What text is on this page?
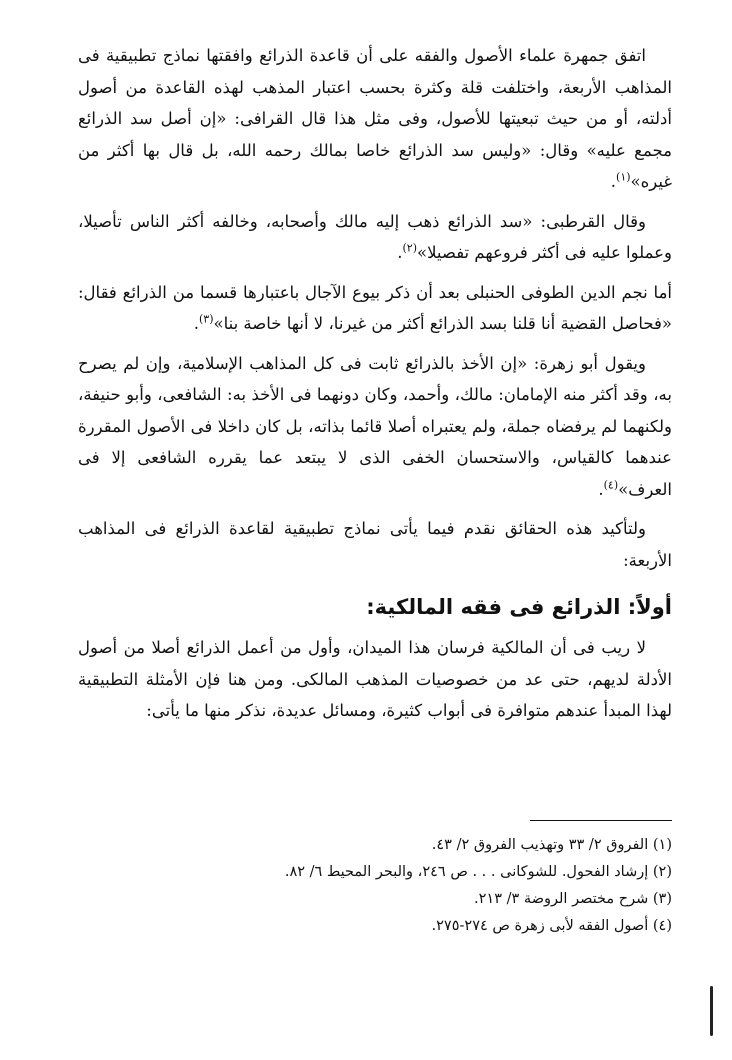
اتفق جمهرة علماء الأصول والفقه على أن قاعدة الذرائع وافقتها نماذج تطبيقية فى المذاهب الأربعة، واختلفت قلة وكثرة بحسب اعتبار المذهب لهذه القاعدة من أصول أدلته، أو من حيث تبعيتها للأصول، وفى مثل هذا قال القرافى: «إن أصل سد الذرائع مجمع عليه» وقال: «وليس سد الذرائع خاصا بمالك رحمه الله، بل قال بها أكثر من غيره»$^{(١)}$.

وقال القرطبى: «سد الذرائع ذهب إليه مالك وأصحابه، وخالفه أكثر الناس تأصيلا، وعملوا عليه فى أكثر فروعهم تفصيلا»$^{(٢)}$.

أما نجم الدين الطوفى الحنبلى بعد أن ذكر بيوع الآجال باعتبارها قسما من الذرائع فقال: «فحاصل القضية أنا قلنا بسد الذرائع أكثر من غيرنا، لا أنها خاصة بنا»$^{(٣)}$.

ويقول أبو زهرة: «إن الأخذ بالذرائع ثابت فى كل المذاهب الإسلامية، وإن لم يصرح به، وقد أكثر منه الإمامان: مالك، وأحمد، وكان دونهما فى الأخذ به: الشافعى، وأبو حنيفة، ولكنهما لم يرفضاه جملة، ولم يعتبراه أصلا قائما بذاته، بل كان داخلا فى الأصول المقررة عندهما كالقياس، والاستحسان الخفى الذى لا يبتعد عما يقرره الشافعى إلا فى العرف»$^{(٤)}$.

ولتأكيد هذه الحقائق نقدم فيما يأتى نماذج تطبيقية لقاعدة الذرائع فى المذاهب الأربعة:

أولاً: الذرائع فى فقه المالكية:

لا ريب فى أن المالكية فرسان هذا الميدان، وأول من أعمل الذرائع أصلا من أصول الأدلة لديهم، حتى عد من خصوصيات المذهب المالكى. ومن هنا فإن الأمثلة التطبيقية لهذا المبدأ عندهم متوافرة فى أبواب كثيرة، ومسائل عديدة، نذكر منها ما يأتى:

(١) الفروق ٢/ ٣٣ وتهذيب الفروق ٢/ ٤٣.

(٢) إرشاد الفحول. للشوكانى . . . ص ٢٤٦، والبحر المحيط ٦/ ٨٢.

(٣) شرح مختصر الروضة ٣/ ٢١٣.

(٤) أصول الفقه لأبى زهرة ص ٢٧٤-٢٧٥.
